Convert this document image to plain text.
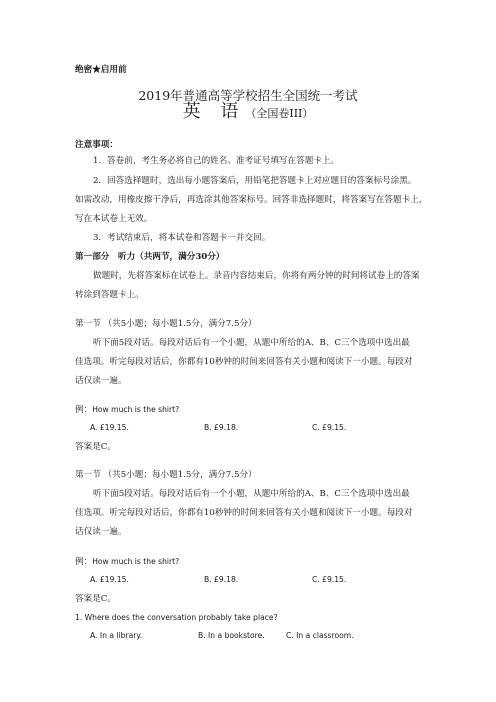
绝密★启用前
2019年普通高等学校招生全国统一考试
英 语（全国卷III）
注意事项：
1．答卷前，考生务必将自己的姓名、准考证号填写在答题卡上。
2．回答选择题时，选出每小题答案后，用铅笔把答题卡上对应题目的答案标号涂黑。
如需改动，用橡皮擦干净后，再选涂其他答案标号。回答非选择题时，将答案写在答题卡上，
写在本试卷上无效。
3．考试结束后，将本试卷和答题卡一并交回。
第一部分　听力（共两节，满分30分）
做题时，先将答案标在试卷上。录音内容结束后，你将有两分钟的时间将试卷上的答案
转涂到答题卡上。
第一节 （共5小题；每小题1.5分，满分7.5分）
听下面5段对话。每段对话后有一个小题，从题中所给的A、B、C三个选项中选出最
佳选项。听完每段对话后，你都有10秒钟的时间来回答有关小题和阅读下一小题。每段对
话仅读一遍。
例：How much is the shirt?
A. £19.15.	B. £9.18.	C. £9.15.
答案是C。
第一节 （共5小题；每小题1.5分，满分7.5分）
听下面5段对话。每段对话后有一个小题，从题中所给的A、B、C三个选项中选出最
佳选项。听完每段对话后，你都有10秒钟的时间来回答有关小题和阅读下一小题。每段对
话仅读一遍。
例：How much is the shirt?
A. £19.15.	B. £9.18.	C. £9.15.
答案是C。
1. Where does the conversation probably take place?
A. In a library.	B. In a bookstore.	C. In a classroom.
